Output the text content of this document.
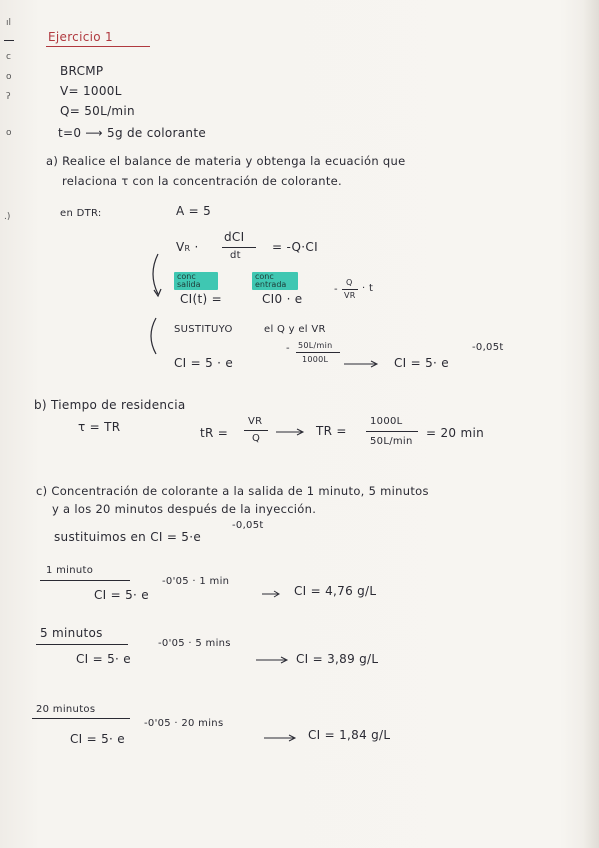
ıl
c
o
ʔ
o
.)
Ejercicio 1
BRCMP
V= 1000L
Q= 50L/min
t=0 ⟶ 5g de colorante
a) Realice el balance de materia y obtenga la ecuación que
relaciona τ con la concentración de colorante.
en DTR:	A = 5
VR ·
dCI
dt
= -Q·CI
conc salida
conc entrada
CI(t) =	CI0 · e
-
Q
VR
· t
SUSTITUYO	el Q y el VR
CI = 5 · e
- 50L/min
1000L	CI = 5· e
-0,05t
b) Tiempo de residencia
τ = TR	tR =
VR
Q
TR =
1000L
50L/min
= 20 min
c) Concentración de colorante a la salida de 1 minuto, 5 minutos
y a los 20 minutos después de la inyección.
sustituimos en CI = 5·e
-0,05t
1 minuto
CI = 5· e
-0'05 · 1 min
CI = 4,76 g/L
5 minutos
CI = 5· e
-0'05 · 5 mins
CI = 3,89 g/L
20 minutos
CI = 5· e
-0'05 · 20 mins
CI = 1,84 g/L
